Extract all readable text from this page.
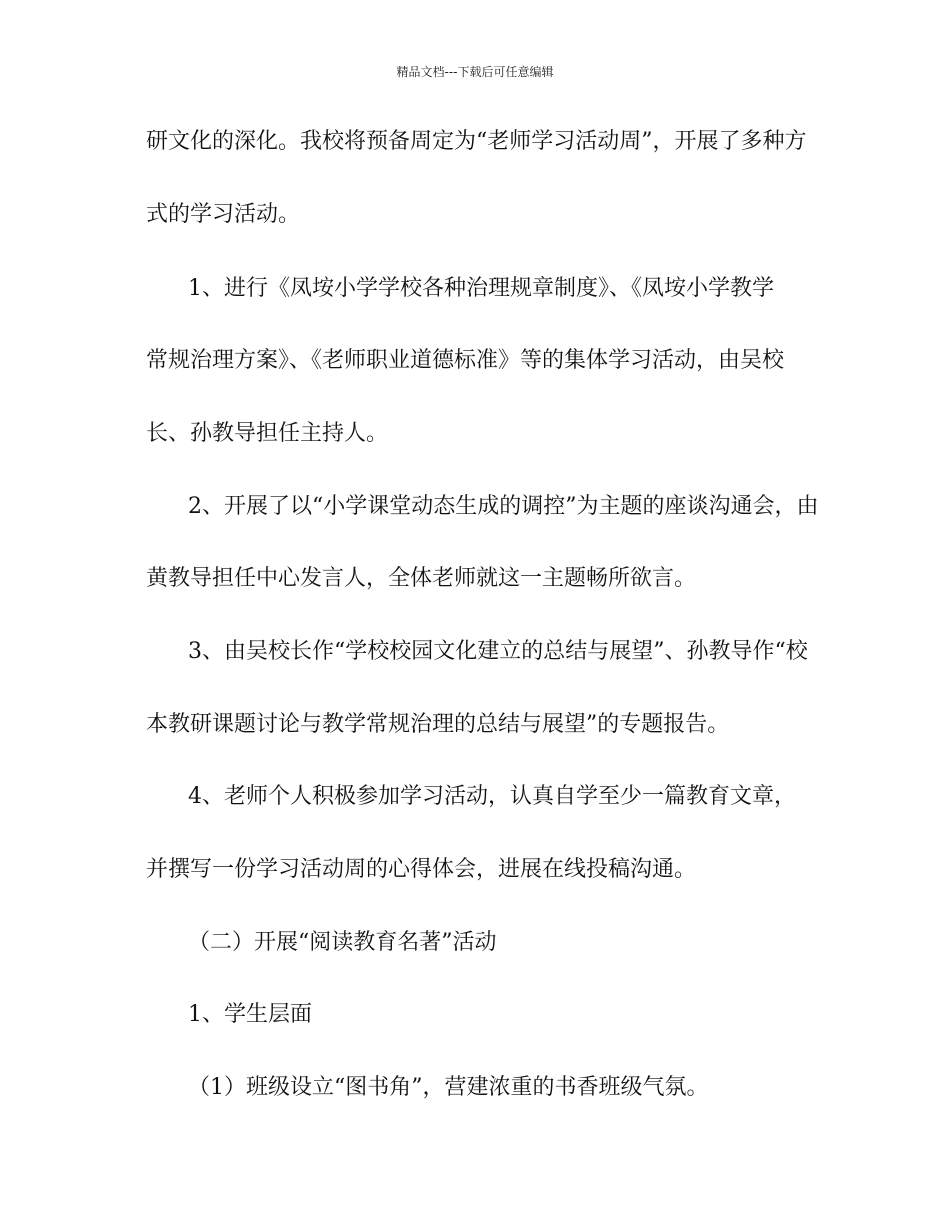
精品文档---下载后可任意编辑
研文化的深化。我校将预备周定为“老师学习活动周”，开展了多种方
式的学习活动。
1、进行《凤垵小学学校各种治理规章制度》、《凤垵小学教学
常规治理方案》、《老师职业道德标准》等的集体学习活动，由吴校
长、孙教导担任主持人。
2、开展了以“小学课堂动态生成的调控”为主题的座谈沟通会，由
黄教导担任中心发言人，全体老师就这一主题畅所欲言。
3、由吴校长作“学校校园文化建立的总结与展望”、孙教导作“校
本教研课题讨论与教学常规治理的总结与展望”的专题报告。
4、老师个人积极参加学习活动，认真自学至少一篇教育文章，
并撰写一份学习活动周的心得体会，进展在线投稿沟通。
（二）开展“阅读教育名著”活动
1、学生层面
（1）班级设立“图书角”，营建浓重的书香班级气氛。
